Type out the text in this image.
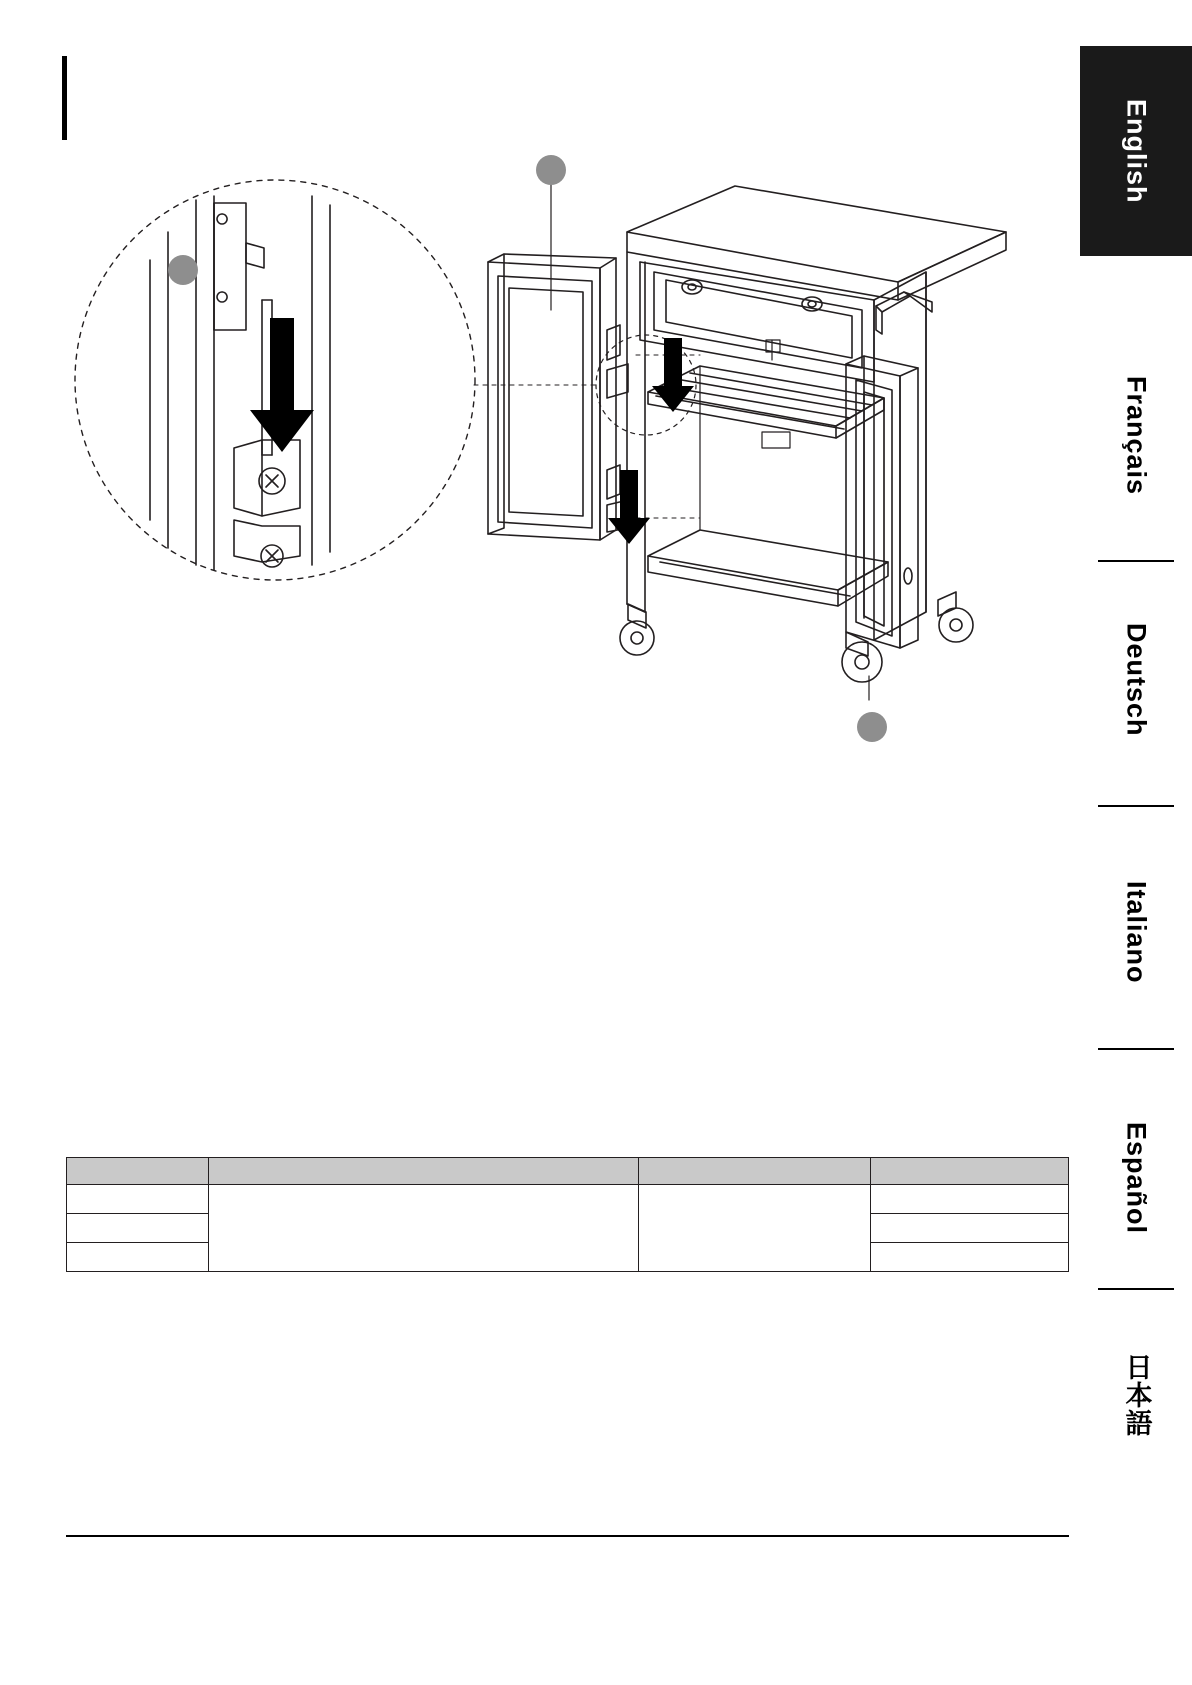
English
Français
Deutsch
Italiano
Español
日本語
